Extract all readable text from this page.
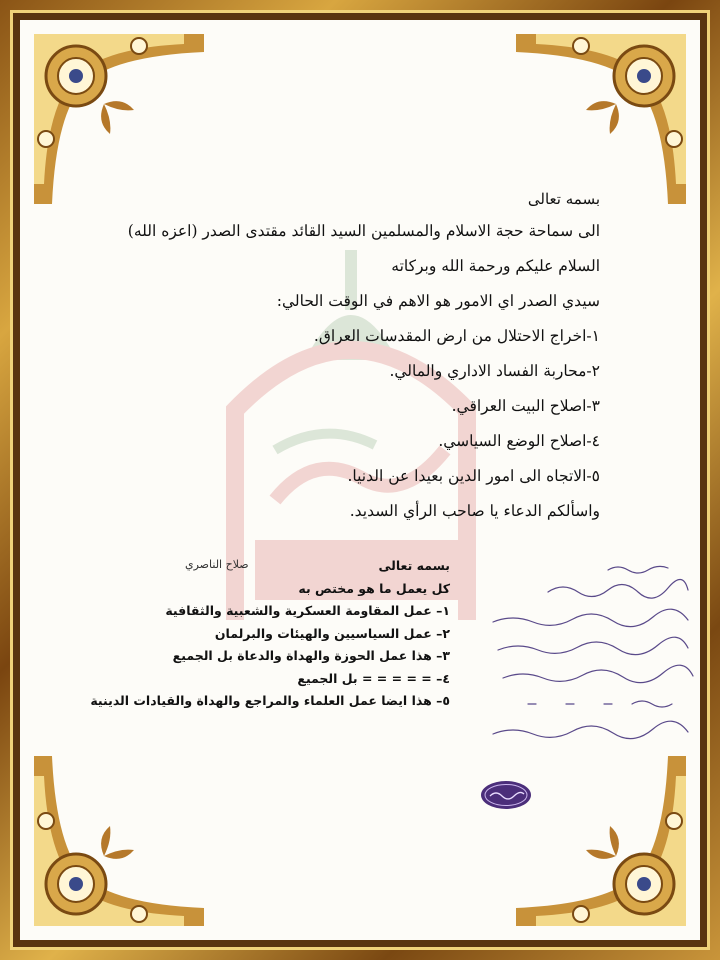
بسمه تعالى

الى سماحة حجة الاسلام والمسلمين السيد القائد مقتدى الصدر (اعزه الله)

السلام عليكم ورحمة الله وبركاته

سيدي الصدر اي الامور هو الاهم في الوقت الحالي:

١-اخراج الاحتلال من ارض المقدسات العراق.

٢-محاربة الفساد الاداري والمالي.

٣-اصلاح البيت العراقي.

٤-اصلاح الوضع السياسي.

٥-الاتجاه الى امور الدين بعيدا عن الدنيا.

واسألكم الدعاء يا صاحب الرأي السديد.

صلاح الناصري	بسمه تعالى
كل يعمل ما هو مختص به
١– عمل المقاومة العسكرية والشعبية والثقافية
٢– عمل السياسيين والهيئات والبرلمان
٣– هذا عمل الحوزة والهداة والدعاة بل الجميع
٤– = = = = = بل الجميع
٥– هذا ايضا عمل العلماء والمراجع والهداة والقيادات الدينية
